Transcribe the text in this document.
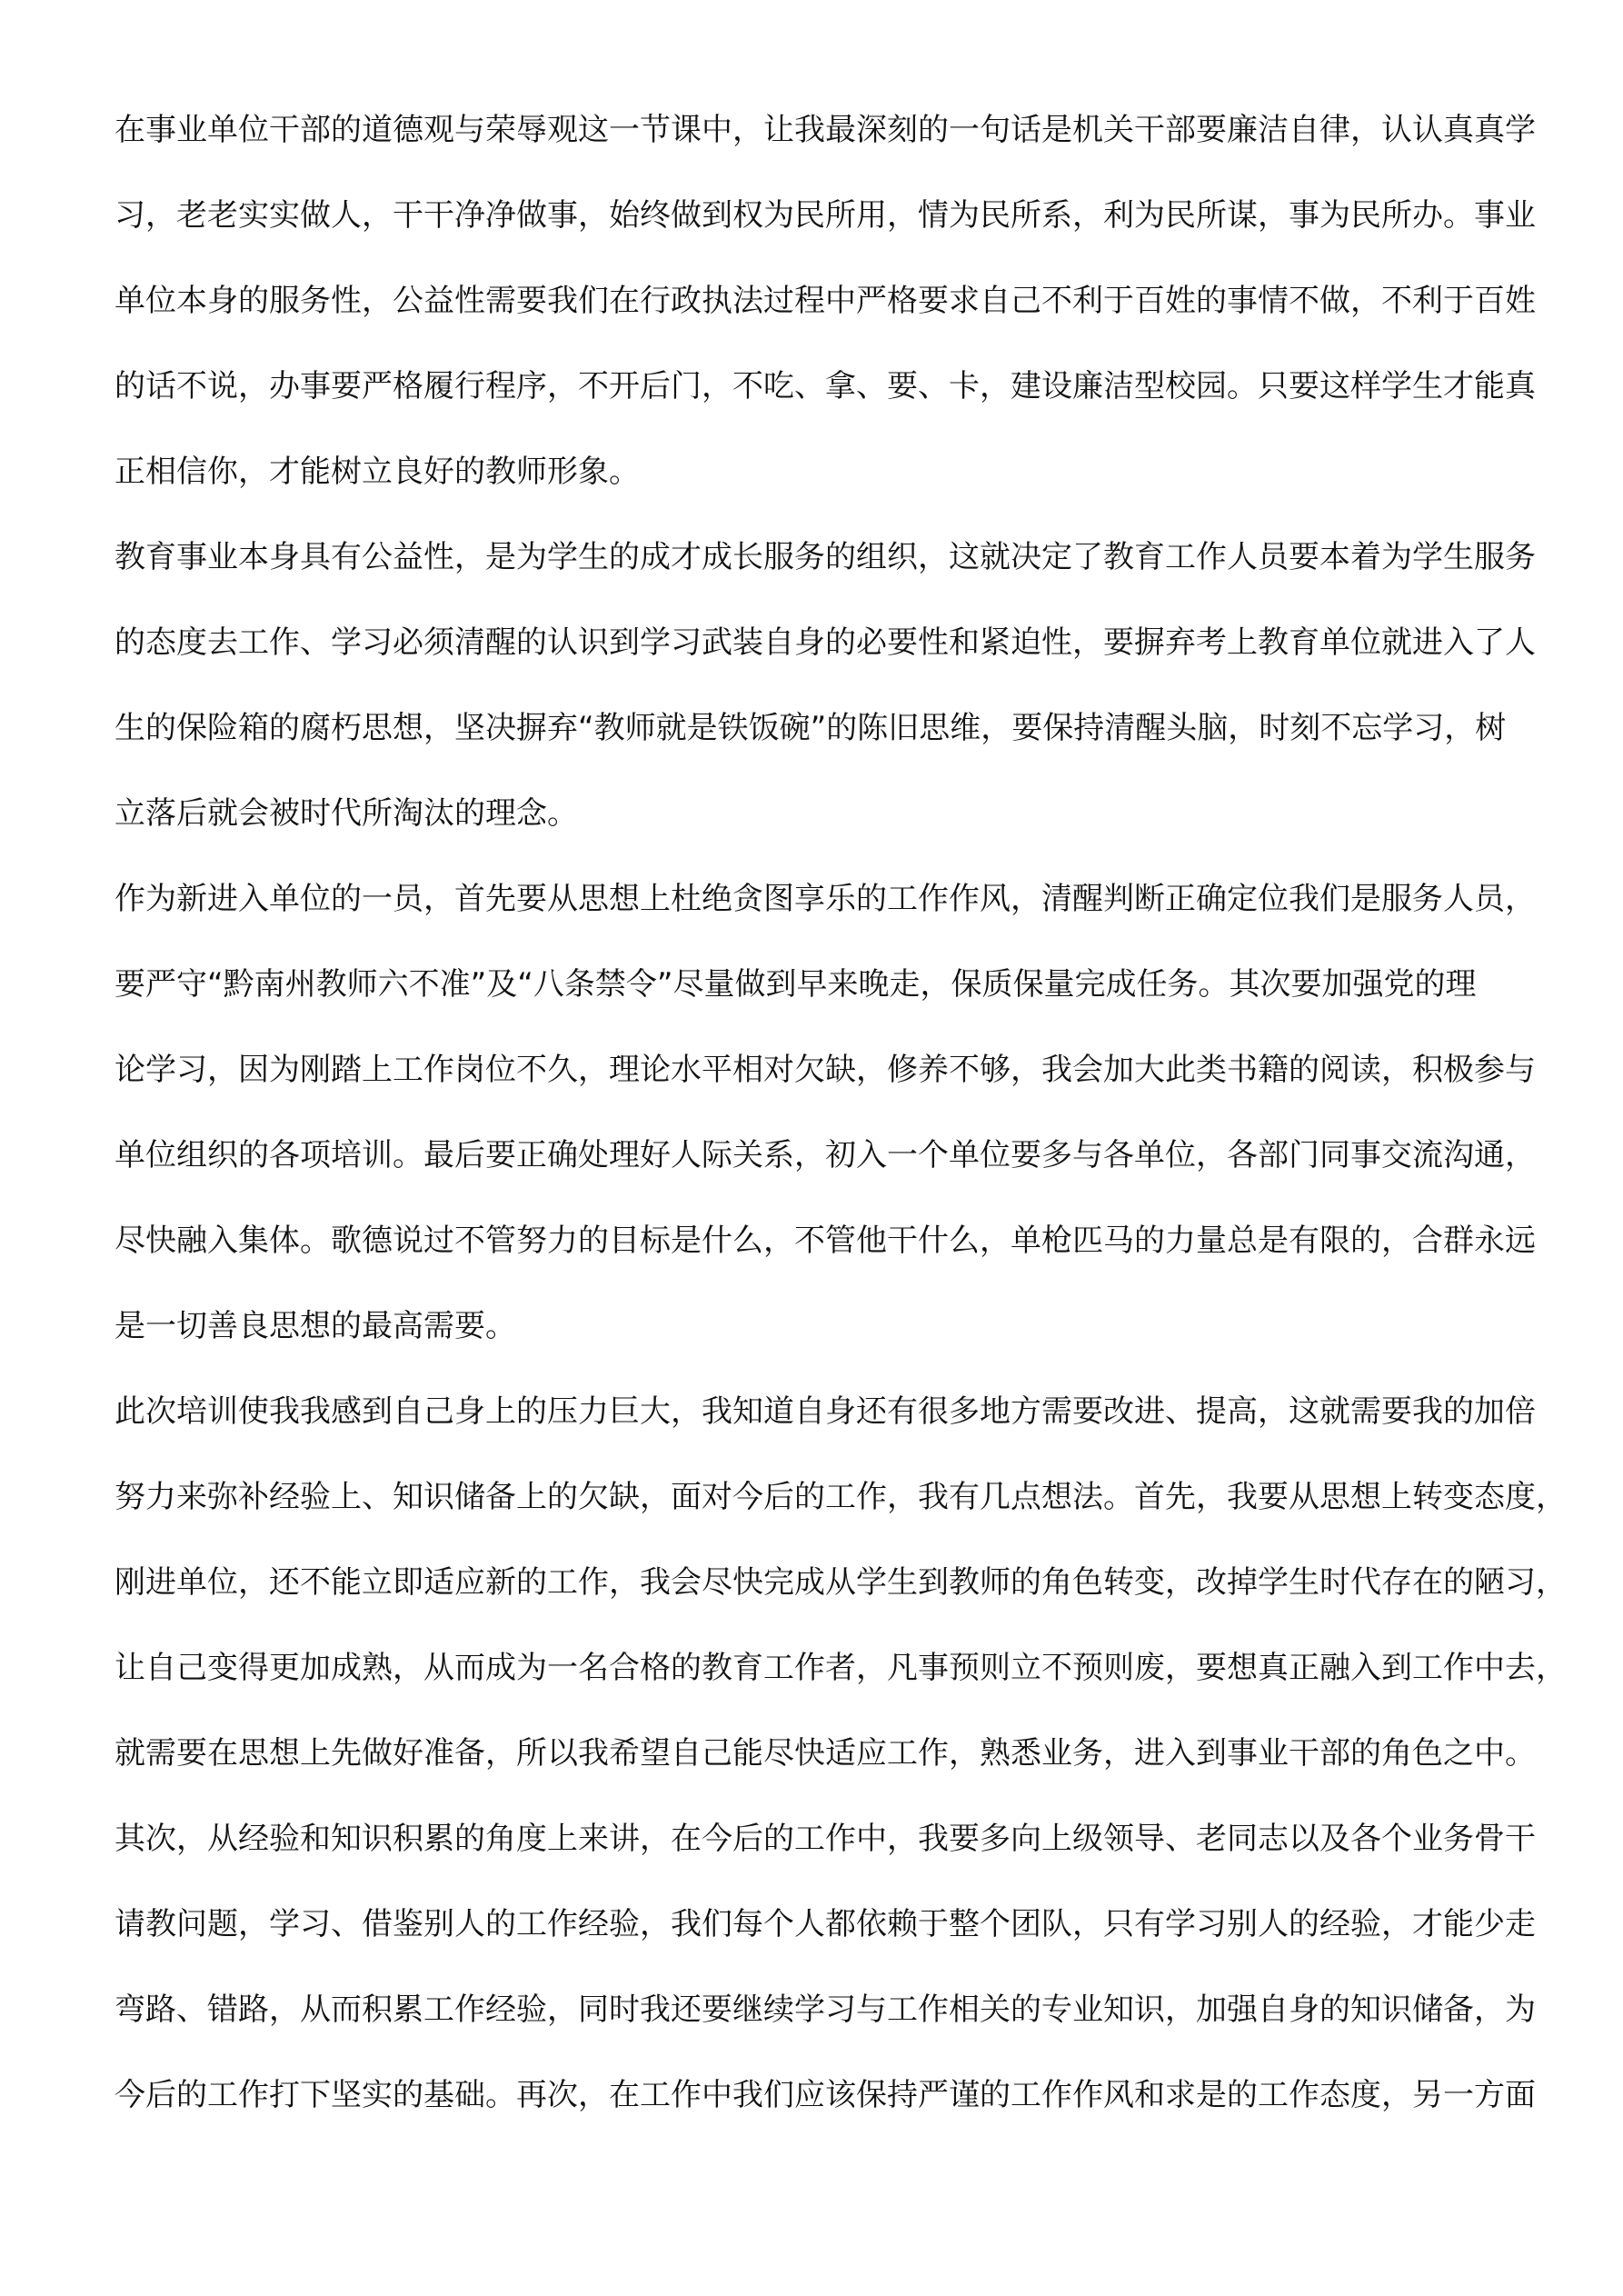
在事业单位干部的道德观与荣辱观这一节课中，让我最深刻的一句话是机关干部要廉洁自律，认认真真学
习，老老实实做人，干干净净做事，始终做到权为民所用，情为民所系，利为民所谋，事为民所办。事业
单位本身的服务性，公益性需要我们在行政执法过程中严格要求自己不利于百姓的事情不做，不利于百姓
的话不说，办事要严格履行程序，不开后门，不吃、拿、要、卡，建设廉洁型校园。只要这样学生才能真
正相信你，才能树立良好的教师形象。

教育事业本身具有公益性，是为学生的成才成长服务的组织，这就决定了教育工作人员要本着为学生服务
的态度去工作、学习必须清醒的认识到学习武装自身的必要性和紧迫性，要摒弃考上教育单位就进入了人
生的保险箱的腐朽思想，坚决摒弃“教师就是铁饭碗”的陈旧思维，要保持清醒头脑，时刻不忘学习，树
立落后就会被时代所淘汰的理念。

作为新进入单位的一员，首先要从思想上杜绝贪图享乐的工作作风，清醒判断正确定位我们是服务人员，
要严守“黔南州教师六不准”及“八条禁令”尽量做到早来晚走，保质保量完成任务。其次要加强党的理
论学习，因为刚踏上工作岗位不久，理论水平相对欠缺，修养不够，我会加大此类书籍的阅读，积极参与
单位组织的各项培训。最后要正确处理好人际关系，初入一个单位要多与各单位，各部门同事交流沟通，
尽快融入集体。歌德说过不管努力的目标是什么，不管他干什么，单枪匹马的力量总是有限的，合群永远
是一切善良思想的最高需要。

此次培训使我我感到自己身上的压力巨大，我知道自身还有很多地方需要改进、提高，这就需要我的加倍
努力来弥补经验上、知识储备上的欠缺，面对今后的工作，我有几点想法。首先，我要从思想上转变态度，
刚进单位，还不能立即适应新的工作，我会尽快完成从学生到教师的角色转变，改掉学生时代存在的陋习，
让自己变得更加成熟，从而成为一名合格的教育工作者，凡事预则立不预则废，要想真正融入到工作中去，
就需要在思想上先做好准备，所以我希望自己能尽快适应工作，熟悉业务，进入到事业干部的角色之中。
其次，从经验和知识积累的角度上来讲，在今后的工作中，我要多向上级领导、老同志以及各个业务骨干
请教问题，学习、借鉴别人的工作经验，我们每个人都依赖于整个团队，只有学习别人的经验，才能少走
弯路、错路，从而积累工作经验，同时我还要继续学习与工作相关的专业知识，加强自身的知识储备，为
今后的工作打下坚实的基础。再次，在工作中我们应该保持严谨的工作作风和求是的工作态度，另一方面
